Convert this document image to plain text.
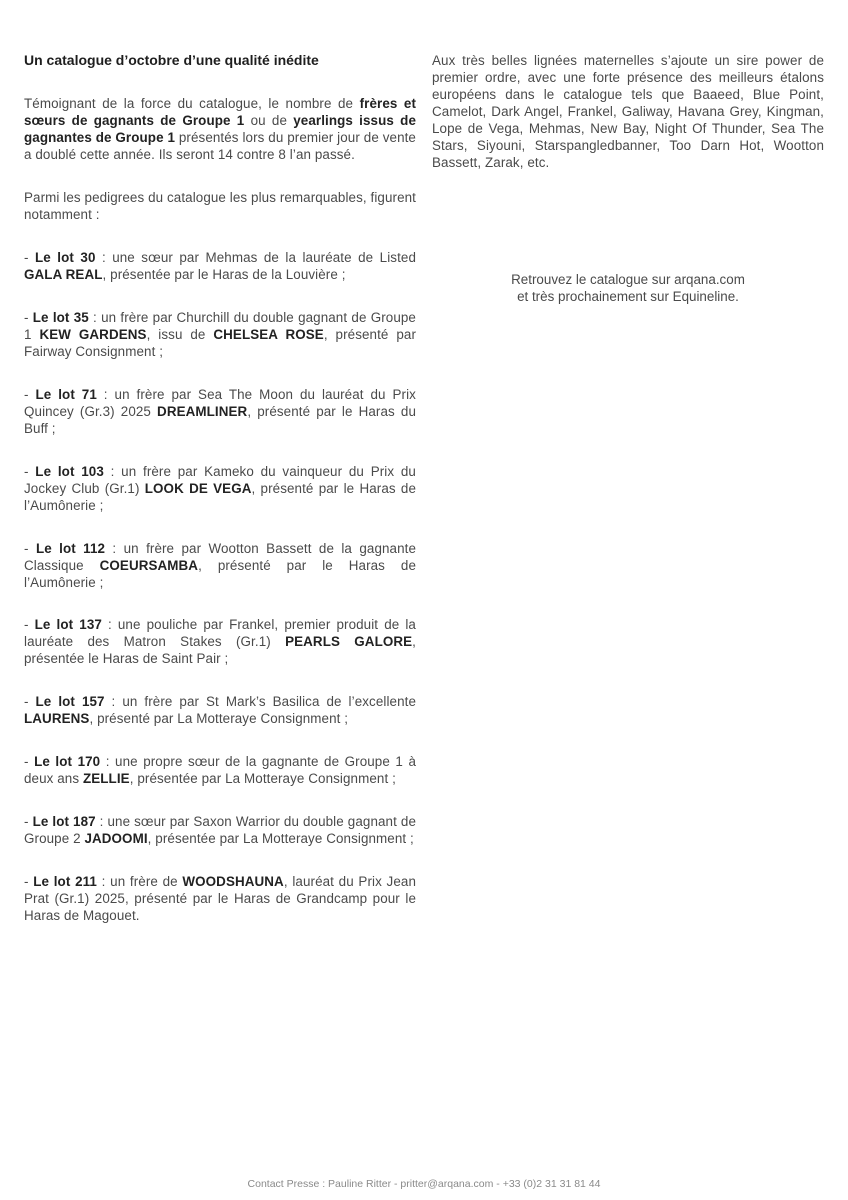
Un catalogue d’octobre d’une qualité inédite

Témoignant de la force du catalogue, le nombre de frères et sœurs de gagnants de Groupe 1 ou de yearlings issus de gagnantes de Groupe 1 présentés lors du premier jour de vente a doublé cette année. Ils seront 14 contre 8 l’an passé.

Parmi les pedigrees du catalogue les plus remarquables, figurent notamment :

- Le lot 30 : une sœur par Mehmas de la lauréate de Listed GALA REAL, présentée par le Haras de la Louvière ;

- Le lot 35 : un frère par Churchill du double gagnant de Groupe 1 KEW GARDENS, issu de CHELSEA ROSE, présenté par Fairway Consignment ;

- Le lot 71 : un frère par Sea The Moon du lauréat du Prix Quincey (Gr.3) 2025 DREAMLINER, présenté par le Haras du Buff ;

- Le lot 103 : un frère par Kameko du vainqueur du Prix du Jockey Club (Gr.1) LOOK DE VEGA, présenté par le Haras de l’Aumônerie ;

- Le lot 112 : un frère par Wootton Bassett de la gagnante Classique COEURSAMBA, présenté par le Haras de l’Aumônerie ;

- Le lot 137 : une pouliche par Frankel, premier produit de la lauréate des Matron Stakes (Gr.1) PEARLS GALORE, présentée le Haras de Saint Pair ;

- Le lot 157 : un frère par St Mark’s Basilica de l’excellente LAURENS, présenté par La Motteraye Consignment ;

- Le lot 170 : une propre sœur de la gagnante de Groupe 1 à deux ans ZELLIE, présentée par La Motteraye Consignment ;

- Le lot 187 : une sœur par Saxon Warrior du double gagnant de Groupe 2 JADOOMI, présentée par La Motteraye Consignment ;

- Le lot 211 : un frère de WOODSHAUNA, lauréat du Prix Jean Prat (Gr.1) 2025, présenté par le Haras de Grandcamp pour le Haras de Magouet.

Aux très belles lignées maternelles s’ajoute un sire power de premier ordre, avec une forte présence des meilleurs étalons européens dans le catalogue tels que Baaeed, Blue Point, Camelot, Dark Angel, Frankel, Galiway, Havana Grey, Kingman, Lope de Vega, Mehmas, New Bay, Night Of Thunder, Sea The Stars, Siyouni, Starspangledbanner, Too Darn Hot, Wootton Bassett, Zarak, etc.

Retrouvez le catalogue sur arqana.com
et très prochainement sur Equineline.
Contact Presse : Pauline Ritter - pritter@arqana.com - +33 (0)2 31 31 81 44
